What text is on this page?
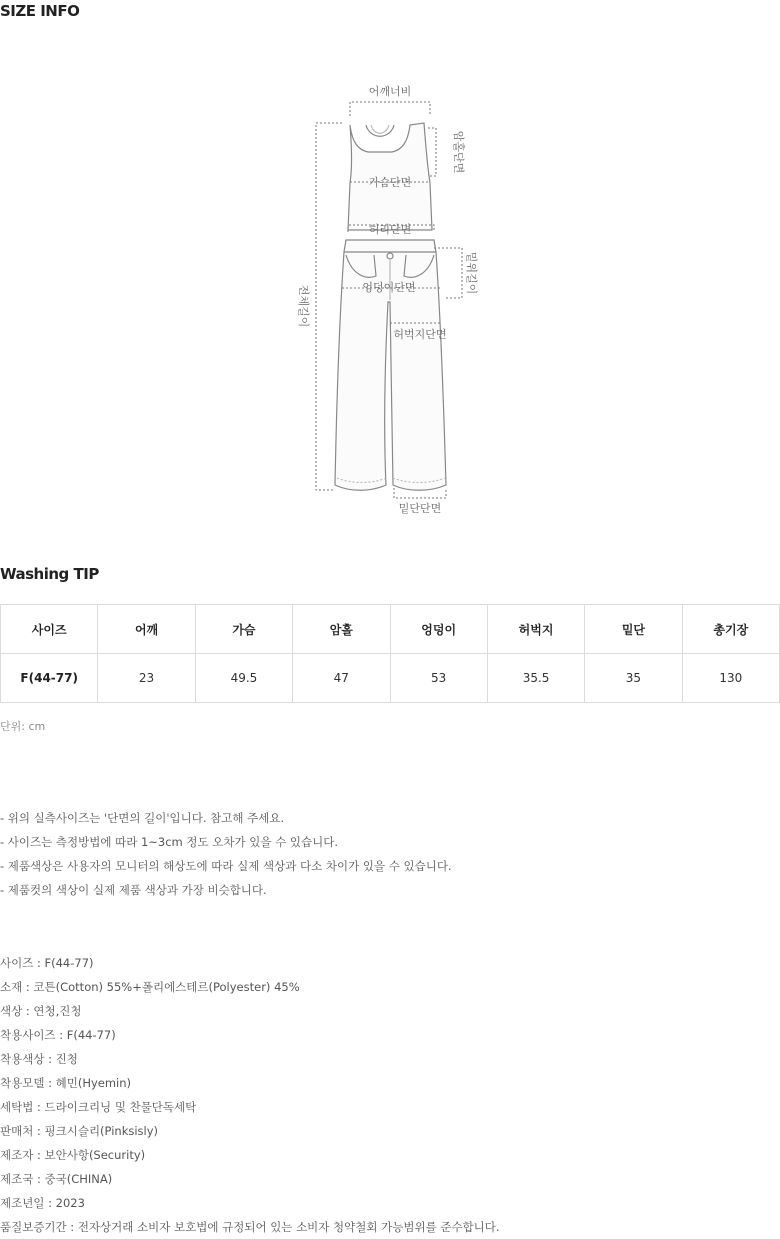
SIZE INFO
어깨너비
암홀단면
가슴단면
허리단면
밑위길이
엉덩이단면
허벅지단면
전체길이
밑단단면
Washing TIP
사이즈	어깨	가슴	암홀	엉덩이	허벅지	밑단	총기장
F(44-77)	23	49.5	47	53	35.5	35	130
단위: cm
- 위의 실측사이즈는 '단면의 길이'입니다. 참고해 주세요.
- 사이즈는 측정방법에 따라 1~3cm 정도 오차가 있을 수 있습니다.
- 제품색상은 사용자의 모니터의 해상도에 따라 실제 색상과 다소 차이가 있을 수 있습니다.
- 제품컷의 색상이 실제 제품 색상과 가장 비슷합니다.
사이즈 : F(44-77)
소재 : 코튼(Cotton) 55%+폴리에스테르(Polyester) 45%
색상 : 연청,진청
착용사이즈 : F(44-77)
착용색상 : 진청
착용모델 : 혜민(Hyemin)
세탁법 : 드라이크리닝 및 찬물단독세탁
판매처 : 핑크시슬리(Pinksisly)
제조자 : 보안사항(Security)
제조국 : 중국(CHINA)
제조년일 : 2023
품질보증기간 : 전자상거래 소비자 보호법에 규정되어 있는 소비자 청약철회 가능범위를 준수합니다.
